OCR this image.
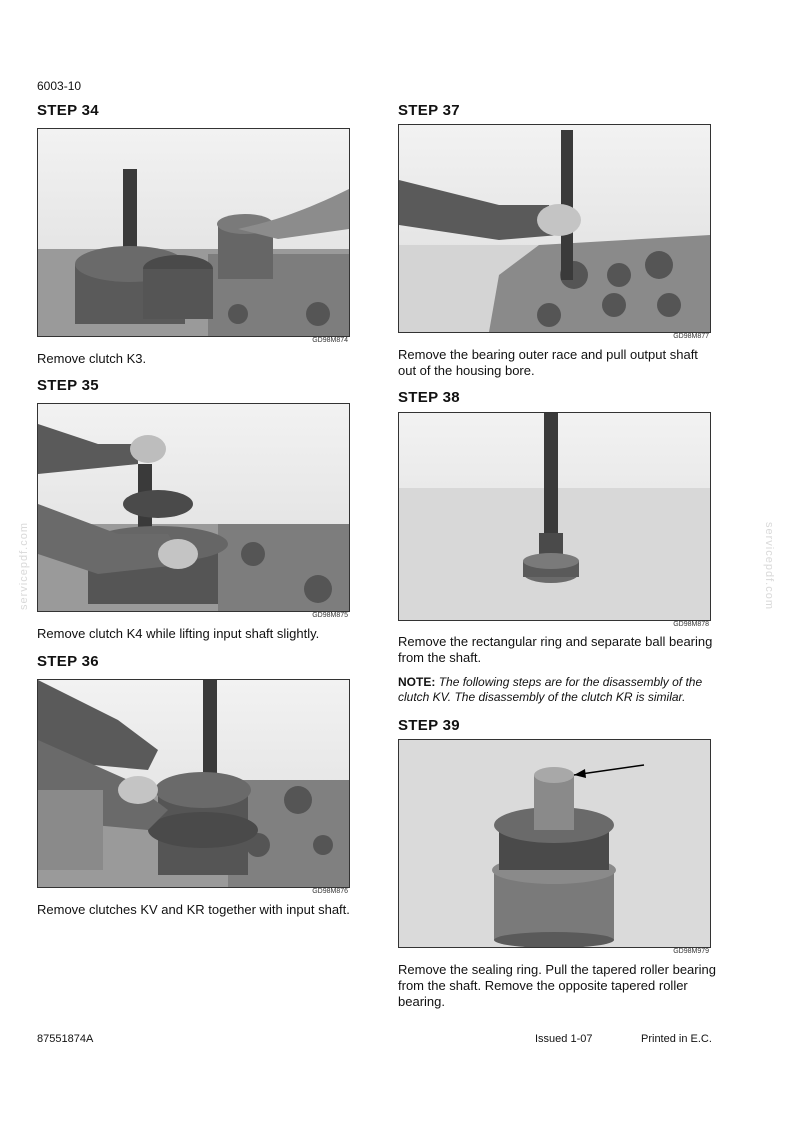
6003-10
servicepdf.com	servicepdf.com
STEP 34
GD98M874
Remove clutch K3.
STEP 35
GD98M875
Remove clutch K4 while lifting input shaft slightly.
STEP 36
GD98M876
Remove clutches KV and KR together with input shaft.
STEP 37
GD98M877
Remove the bearing outer race and pull output shaft out of the housing bore.
STEP 38
GD98M878
Remove the rectangular ring and separate ball bearing from the shaft.
NOTE: The following steps are for the disassembly of the clutch KV. The disassembly of the clutch KR is similar.
STEP 39
GD98M979
Remove the sealing ring. Pull the tapered roller bearing from the shaft. Remove the opposite tapered roller bearing.
87551874A	Issued 1-07	Printed in E.C.
